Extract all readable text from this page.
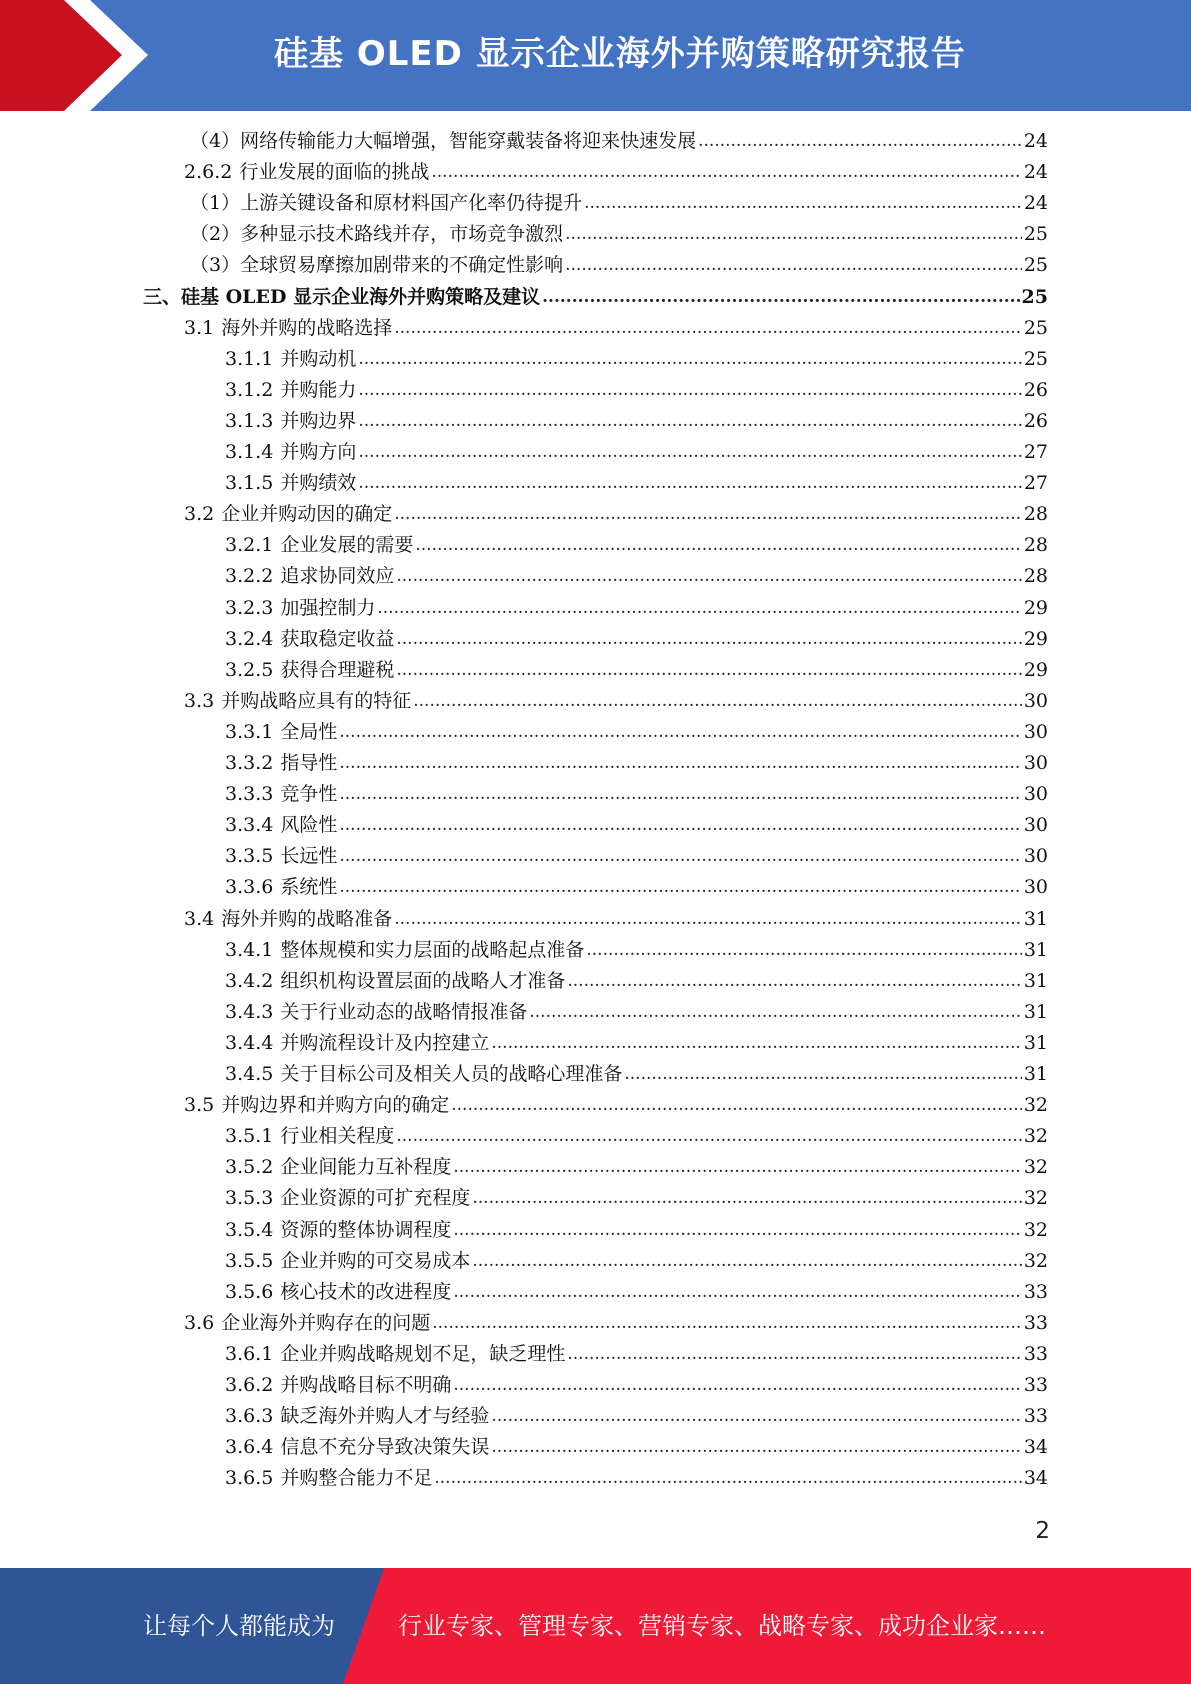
硅基 OLED 显示企业海外并购策略研究报告
（4） 网络传输能力大幅增强，智能穿戴装备将迎来快速发展 .....	24
2.6.2 行业发展的面临的挑战 .....	24
（1） 上游关键设备和原材料国产化率仍待提升 .....	24
（2） 多种显示技术路线并存，市场竞争激烈 .....	25
（3） 全球贸易摩擦加剧带来的不确定性影响 .....	25
三、 硅基 OLED 显示企业海外并购策略及建议 .....	25
3.1 海外并购的战略选择 .....	25
3.1.1 并购动机 .....	25
3.1.2 并购能力 .....	26
3.1.3 并购边界 .....	26
3.1.4 并购方向 .....	27
3.1.5 并购绩效 .....	27
3.2 企业并购动因的确定 .....	28
3.2.1 企业发展的需要 .....	28
3.2.2 追求协同效应 .....	28
3.2.3 加强控制力 .....	29
3.2.4 获取稳定收益 .....	29
3.2.5 获得合理避税 .....	29
3.3 并购战略应具有的特征 .....	30
3.3.1 全局性 .....	30
3.3.2 指导性 .....	30
3.3.3 竞争性 .....	30
3.3.4 风险性 .....	30
3.3.5 长远性 .....	30
3.3.6 系统性 .....	30
3.4 海外并购的战略准备 .....	31
3.4.1 整体规模和实力层面的战略起点准备 .....	31
3.4.2 组织机构设置层面的战略人才准备 .....	31
3.4.3 关于行业动态的战略情报准备 .....	31
3.4.4 并购流程设计及内控建立 .....	31
3.4.5 关于目标公司及相关人员的战略心理准备 .....	31
3.5 并购边界和并购方向的确定 .....	32
3.5.1 行业相关程度 .....	32
3.5.2 企业间能力互补程度 .....	32
3.5.3 企业资源的可扩充程度 .....	32
3.5.4 资源的整体协调程度 .....	32
3.5.5 企业并购的可交易成本 .....	32
3.5.6 核心技术的改进程度 .....	33
3.6 企业海外并购存在的问题 .....	33
3.6.1 企业并购战略规划不足，缺乏理性 .....	33
3.6.2 并购战略目标不明确 .....	33
3.6.3 缺乏海外并购人才与经验 .....	33
3.6.4 信息不充分导致决策失误 .....	34
3.6.5 并购整合能力不足 .....	34
2
让每个人都能成为	行业专家、管理专家、营销专家、战略专家、成功企业家……
